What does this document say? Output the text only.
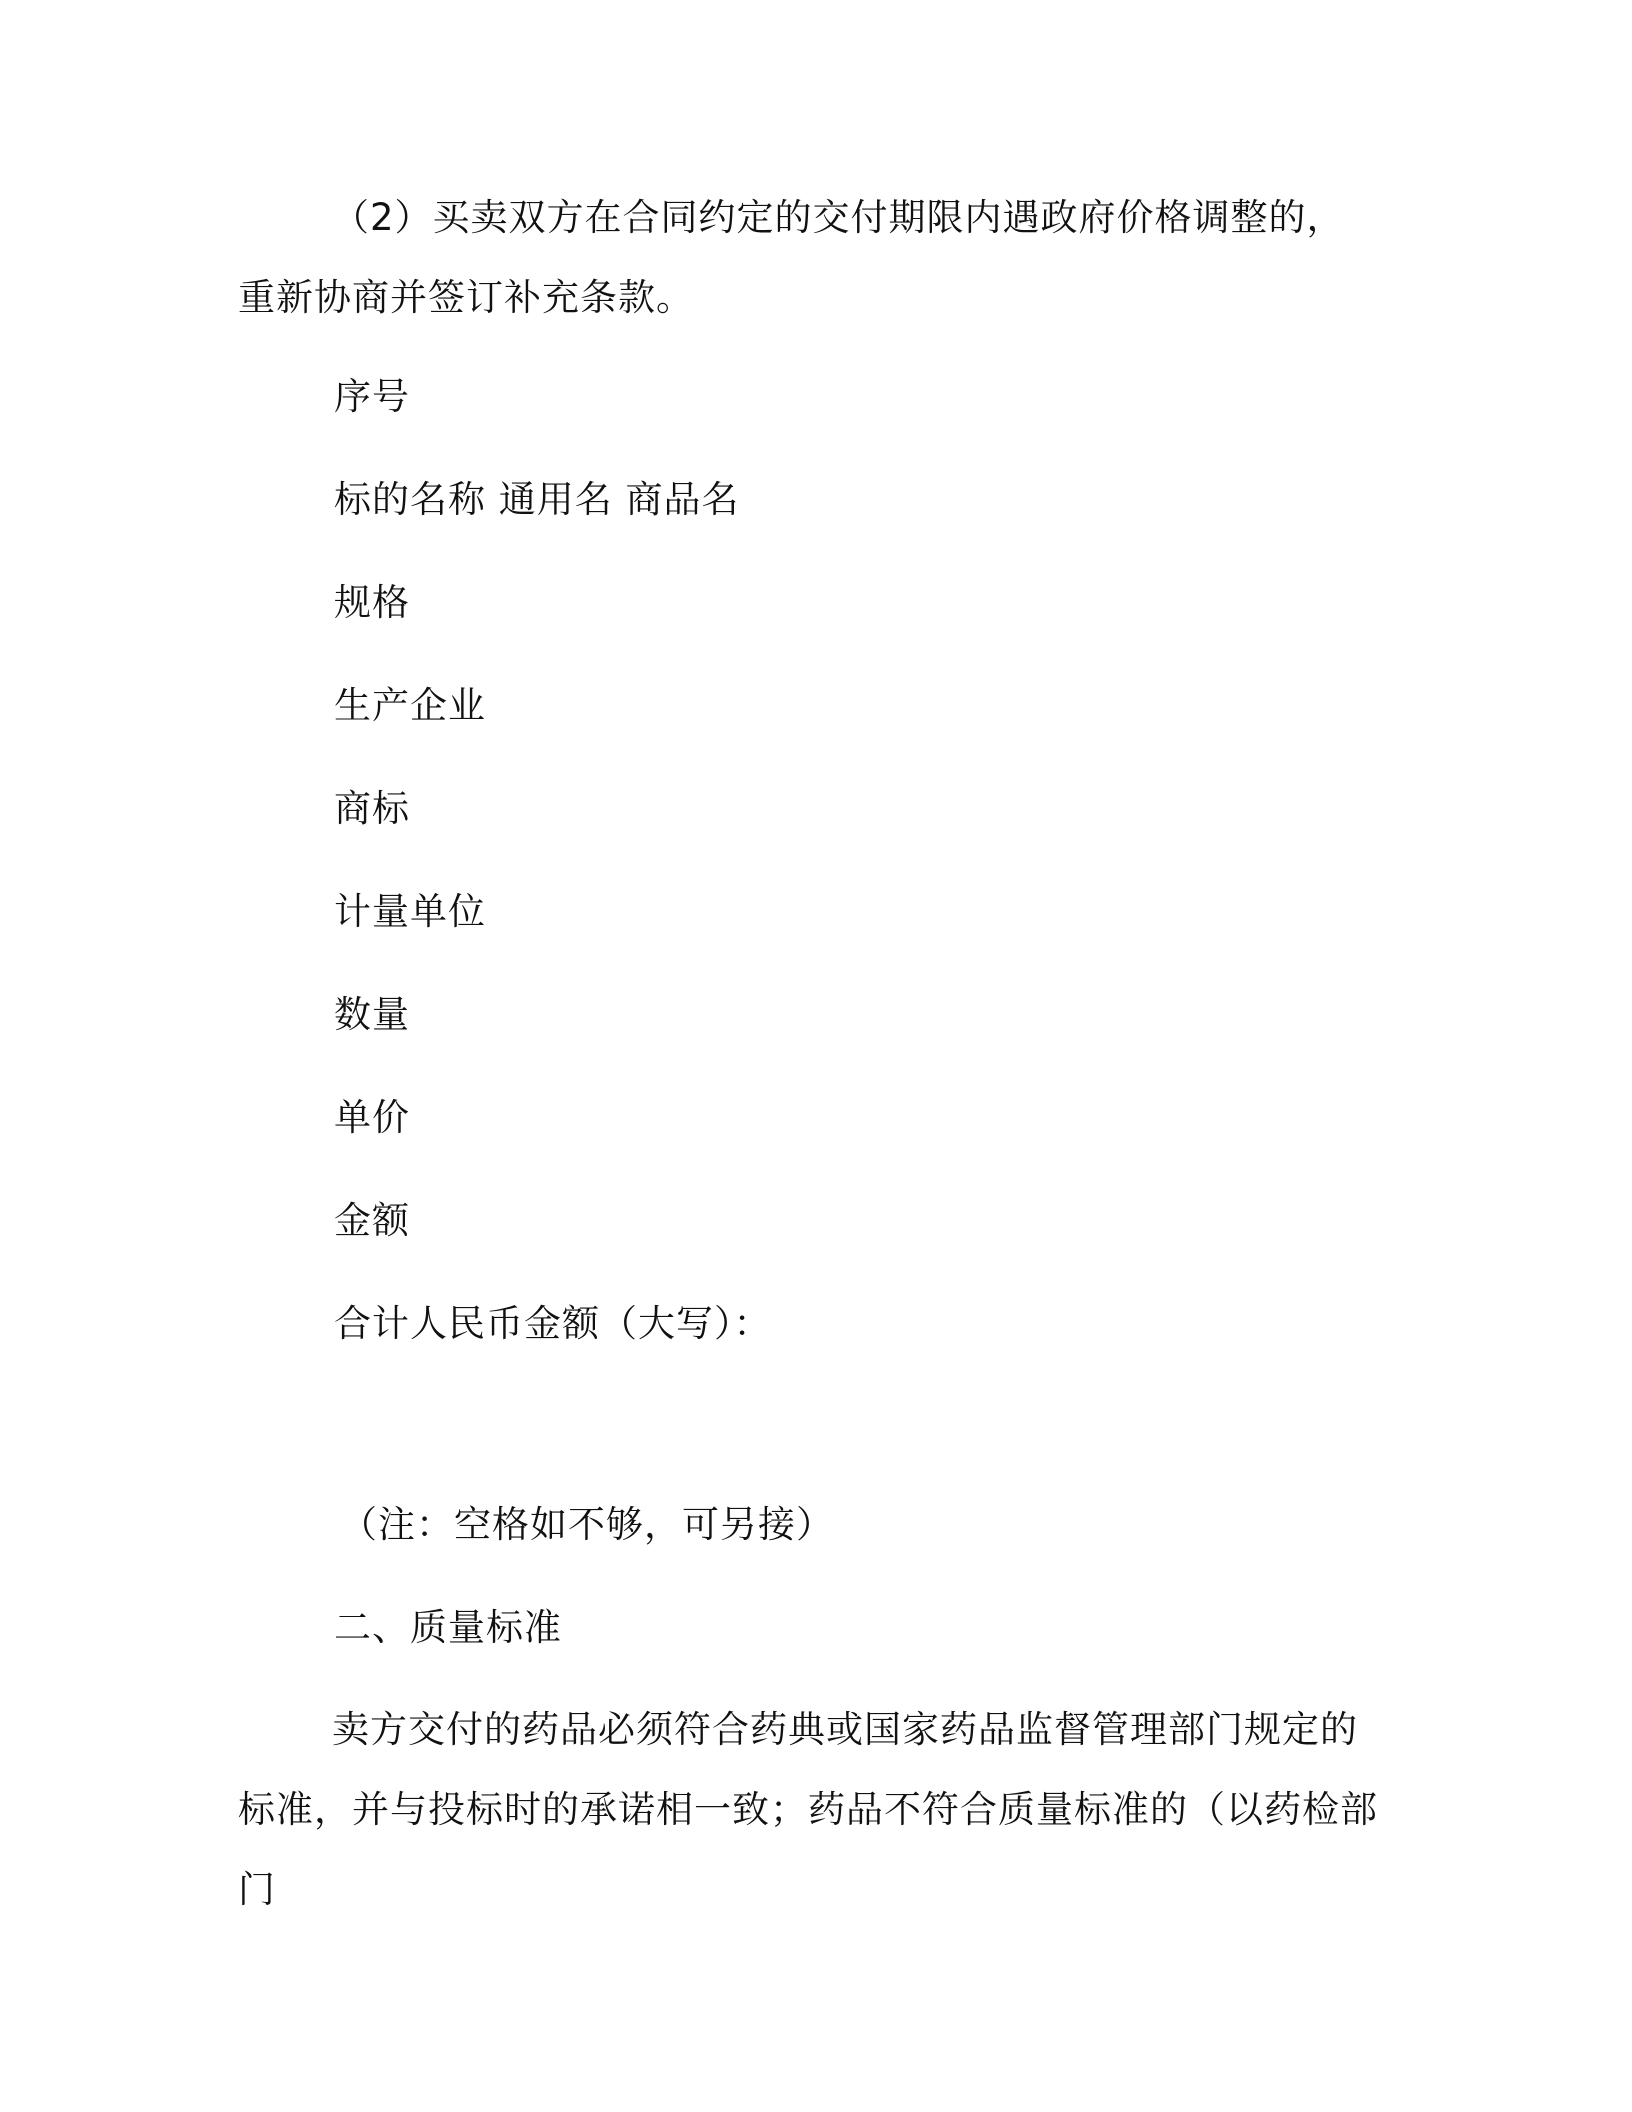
（2）买卖双方在合同约定的交付期限内遇政府价格调整的，重新协商并签订补充条款。

序号
标的名称 通用名 商品名
规格
生产企业
商标
计量单位
数量
单价
金额
合计人民币金额（大写）：
（注：空格如不够，可另接）
二、质量标准

卖方交付的药品必须符合药典或国家药品监督管理部门规定的标准，并与投标时的承诺相一致；药品不符合质量标准的（以药检部门
